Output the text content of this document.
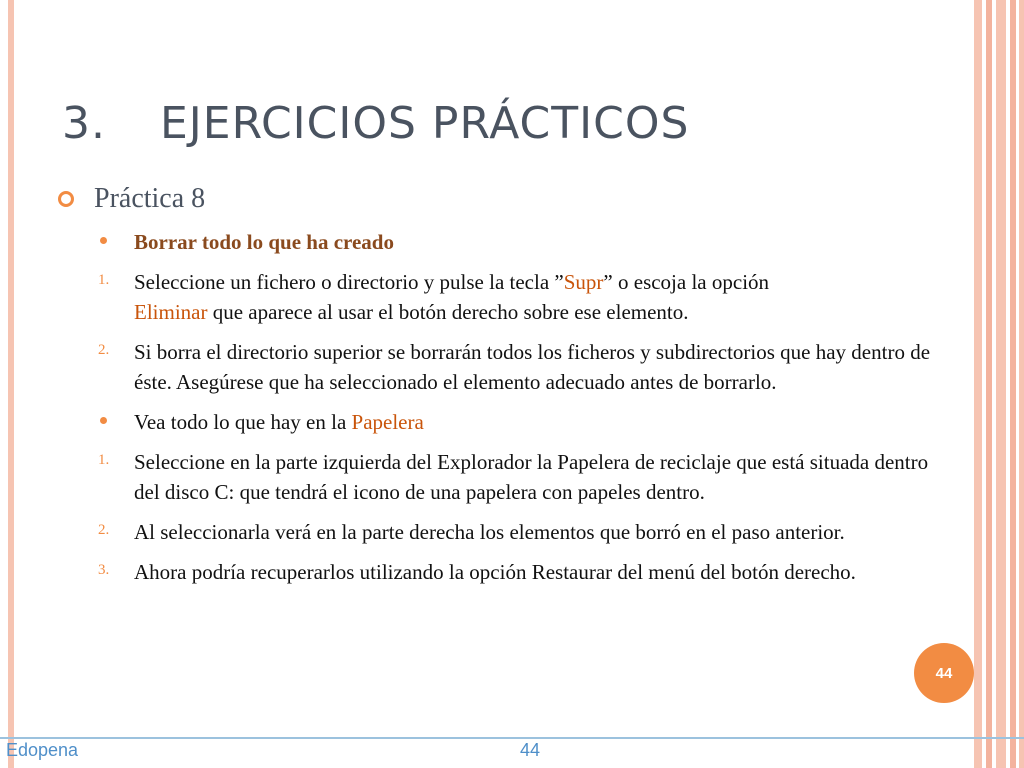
3. EJERCICIOS PRÁCTICOS
Práctica 8
Borrar todo lo que ha creado
1.	Seleccione un fichero o directorio y pulse la tecla ”Supr” o escoja la opción
Eliminar que aparece al usar el botón derecho sobre ese elemento.
2.	Si borra el directorio superior se borrarán todos los ficheros y subdirectorios que hay dentro de éste. Asegúrese que ha seleccionado el elemento adecuado antes de borrarlo.
Vea todo lo que hay en la Papelera
1.	Seleccione en la parte izquierda del Explorador la Papelera de reciclaje que está situada dentro del disco C: que tendrá el icono de una papelera con papeles dentro.
2.	Al seleccionarla verá en la parte derecha los elementos que borró en el paso anterior.
3.	Ahora podría recuperarlos utilizando la opción Restaurar del menú del botón derecho.
44
Edopena	44
